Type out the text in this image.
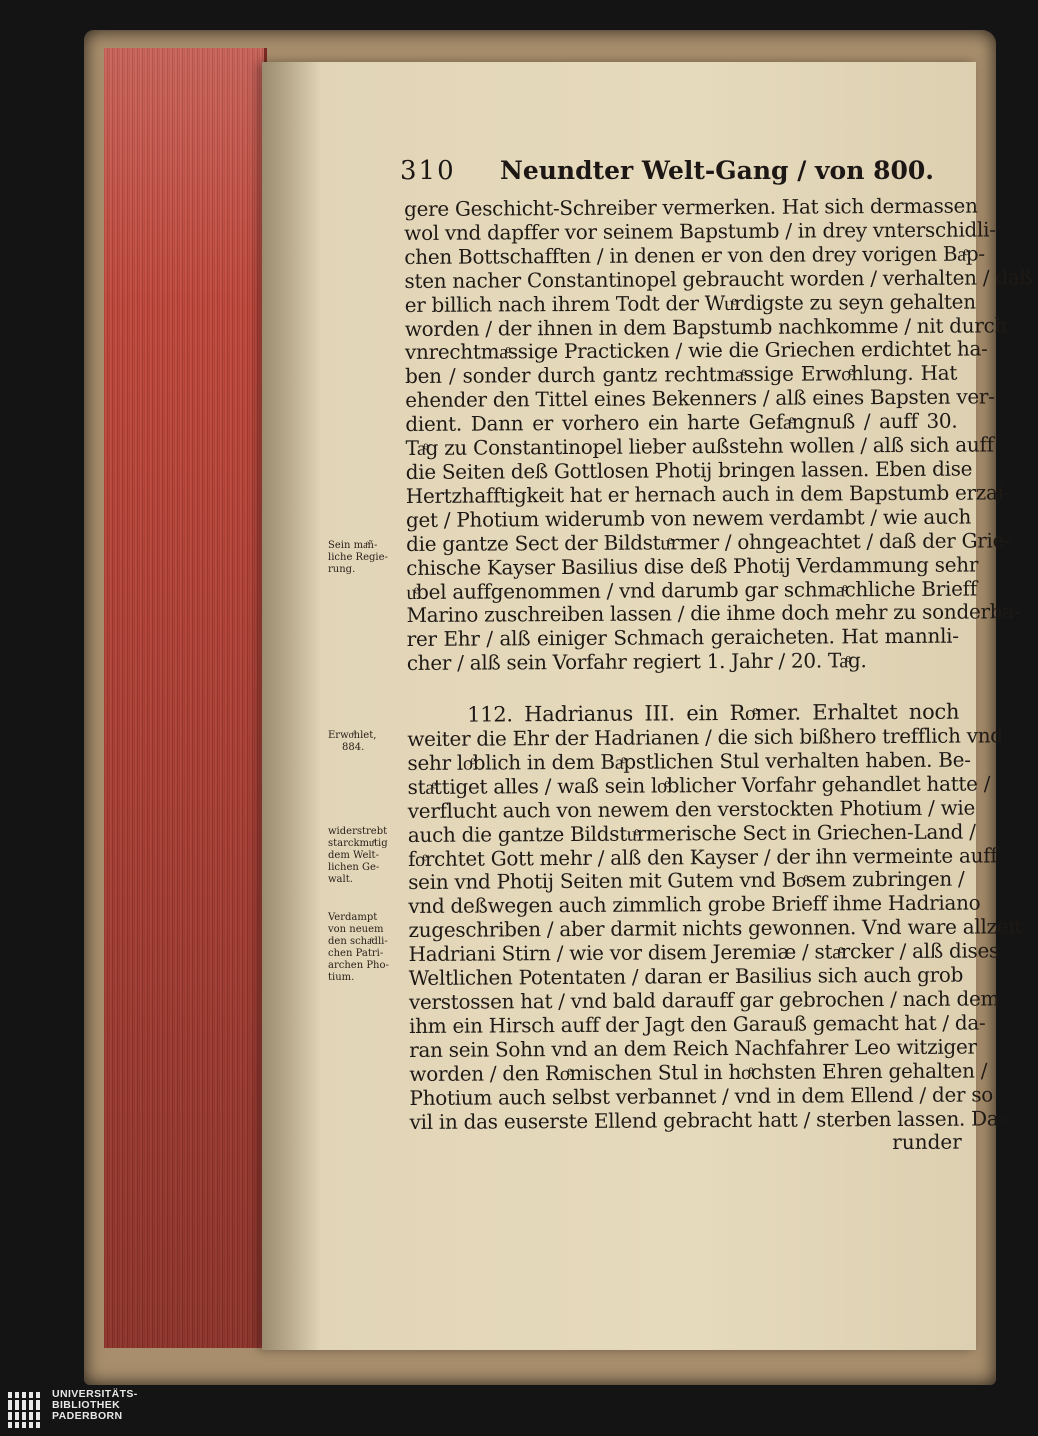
310 Neundter Welt-Gang / von 800.
Sein maͤñ-
liche Regie-
rung.
Erwoͤhlet,
884.
widerstrebt
starckmuͤtig
dem Welt-
lichen Ge-
walt.
Verdampt
von neuem
den schaͤdli-
chen Patri-
archen Pho-
tium.
gere Geschicht-Schreiber vermerken. Hat sich dermassen
wol vnd dapffer vor seinem Bapstumb / in drey vnterschidli-
chen Bottschafften / in denen er von den drey vorigen Baͤp-
sten nacher Constantinopel gebraucht worden / verhalten / daß
er billich nach ihrem Todt der Wuͤrdigste zu seyn gehalten
worden / der ihnen in dem Bapstumb nachkomme / nit durch
vnrechtmaͤssige Practicken / wie die Griechen erdichtet ha-
ben / sonder durch gantz rechtmaͤssige Erwoͤhlung. Hat
ehender den Tittel eines Bekenners / alß eines Bapsten ver-
dient. Dann er vorhero ein harte Gefaͤngnuß / auff 30.
Taͤg zu Constantinopel lieber außstehn wollen / alß sich auff
die Seiten deß Gottlosen Photij bringen lassen. Eben dise
Hertzhafftigkeit hat er hernach auch in dem Bapstumb erzai-
get / Photium widerumb von newem verdambt / wie auch
die gantze Sect der Bildstuͤrmer / ohngeachtet / daß der Grie-
chische Kayser Basilius dise deß Photij Verdammung sehr
uͤbel auffgenommen / vnd darumb gar schmaͤchliche Brieff
Marino zuschreiben lassen / die ihme doch mehr zu sonderba-
rer Ehr / alß einiger Schmach geraicheten. Hat mannli-
cher / alß sein Vorfahr regiert 1. Jahr / 20. Taͤg.
112. Hadrianus III. ein Roͤmer. Erhaltet noch
weiter die Ehr der Hadrianen / die sich bißhero trefflich vnd
sehr loͤblich in dem Baͤpstlichen Stul verhalten haben. Be-
staͤttiget alles / waß sein loͤblicher Vorfahr gehandlet hatte /
verflucht auch von newem den verstockten Photium / wie
auch die gantze Bildstuͤrmerische Sect in Griechen-Land /
foͤrchtet Gott mehr / alß den Kayser / der ihn vermeinte auff
sein vnd Photij Seiten mit Gutem vnd Boͤsem zubringen /
vnd deßwegen auch zimmlich grobe Brieff ihme Hadriano
zugeschriben / aber darmit nichts gewonnen. Vnd ware allzeit
Hadriani Stirn / wie vor disem Jeremiæ / staͤrcker / alß dises
Weltlichen Potentaten / daran er Basilius sich auch grob
verstossen hat / vnd bald darauff gar gebrochen / nach dem
ihm ein Hirsch auff der Jagt den Garauß gemacht hat / da-
ran sein Sohn vnd an dem Reich Nachfahrer Leo witziger
worden / den Roͤmischen Stul in hoͤchsten Ehren gehalten /
Photium auch selbst verbannet / vnd in dem Ellend / der so
vil in das euserste Ellend gebracht hatt / sterben lassen. Da-
runder
UNIVERSITÄTS-
BIBLIOTHEK
PADERBORN
